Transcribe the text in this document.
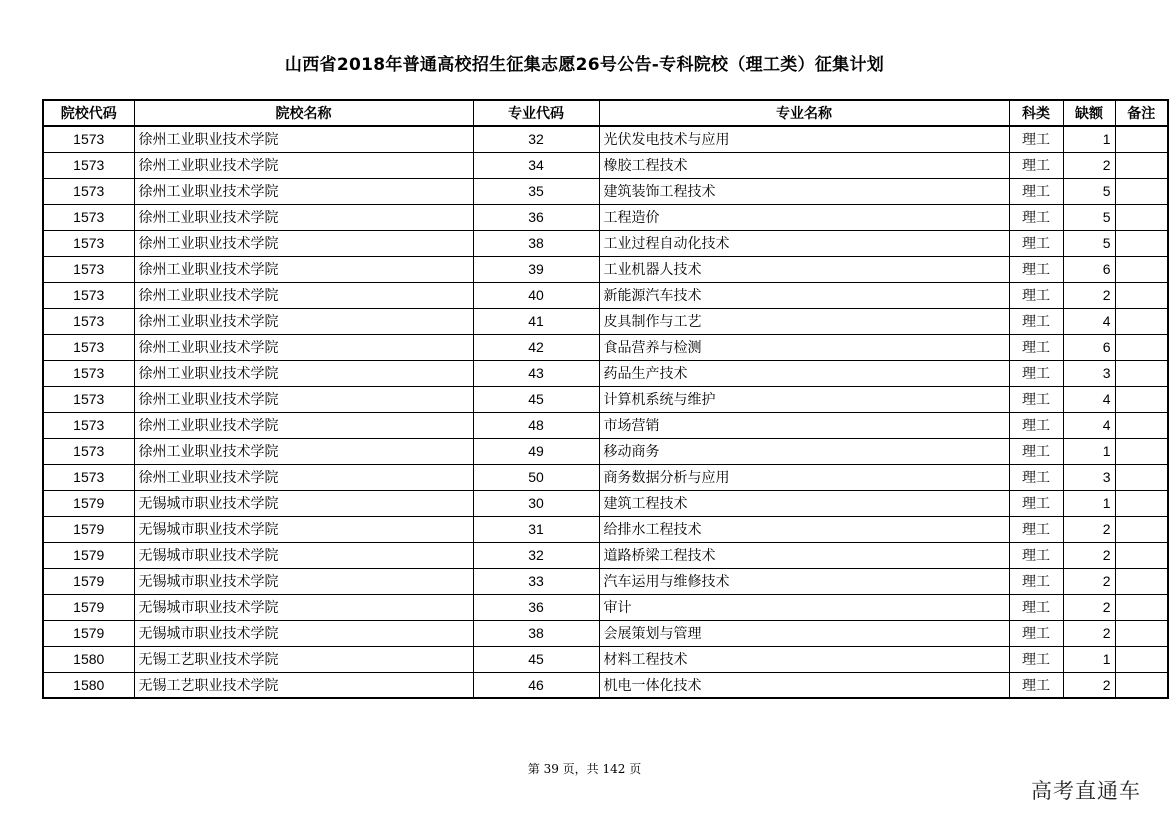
山西省2018年普通高校招生征集志愿26号公告-专科院校（理工类）征集计划
院校代码	院校名称	专业代码	专业名称	科类	缺额	备注
1573	徐州工业职业技术学院	32	光伏发电技术与应用	理工	1	
1573	徐州工业职业技术学院	34	橡胶工程技术	理工	2	
1573	徐州工业职业技术学院	35	建筑装饰工程技术	理工	5	
1573	徐州工业职业技术学院	36	工程造价	理工	5	
1573	徐州工业职业技术学院	38	工业过程自动化技术	理工	5	
1573	徐州工业职业技术学院	39	工业机器人技术	理工	6	
1573	徐州工业职业技术学院	40	新能源汽车技术	理工	2	
1573	徐州工业职业技术学院	41	皮具制作与工艺	理工	4	
1573	徐州工业职业技术学院	42	食品营养与检测	理工	6	
1573	徐州工业职业技术学院	43	药品生产技术	理工	3	
1573	徐州工业职业技术学院	45	计算机系统与维护	理工	4	
1573	徐州工业职业技术学院	48	市场营销	理工	4	
1573	徐州工业职业技术学院	49	移动商务	理工	1	
1573	徐州工业职业技术学院	50	商务数据分析与应用	理工	3	
1579	无锡城市职业技术学院	30	建筑工程技术	理工	1	
1579	无锡城市职业技术学院	31	给排水工程技术	理工	2	
1579	无锡城市职业技术学院	32	道路桥梁工程技术	理工	2	
1579	无锡城市职业技术学院	33	汽车运用与维修技术	理工	2	
1579	无锡城市职业技术学院	36	审计	理工	2	
1579	无锡城市职业技术学院	38	会展策划与管理	理工	2	
1580	无锡工艺职业技术学院	45	材料工程技术	理工	1	
1580	无锡工艺职业技术学院	46	机电一体化技术	理工	2	
第 39 页，共 142 页
高考直通车
